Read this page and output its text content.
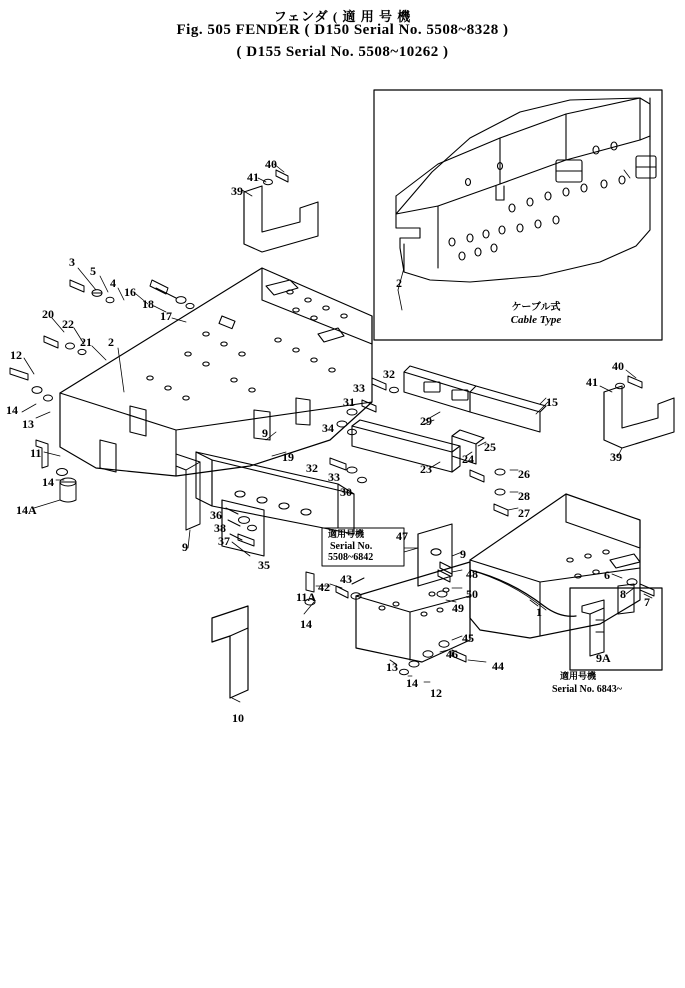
フェンダ ( 適 用 号 機
Fig. 505 FENDER ( D150 Serial No. 5508~8328 )
( D155 Serial No. 5508~10262 )
ケーブル式
Cable Type
適用号機
Serial No.
5508~6842
9A
適用号機
Serial No. 6843~
40
41
39
3
5
4
16
18
17
20
22
21 2
12
14
13
11
14
14A
2
32
33
31
34	29
15
25
24
23	26
28
27
32
33
30
9
19
36
38
37
35
9
40
41
39
47
9
48
50
49	1
6
8
7
42
43
11A
14
45
46
44
13
14
12
10
